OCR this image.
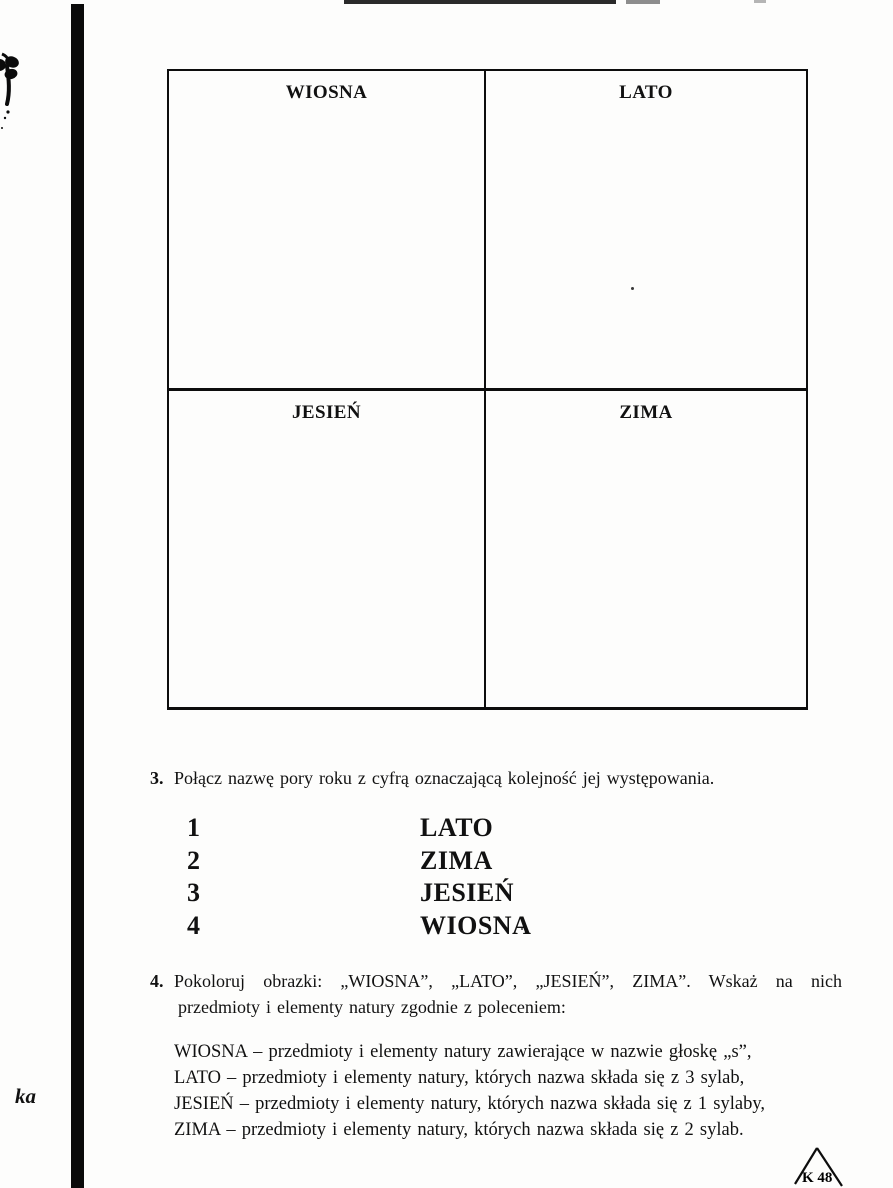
ka
WIOSNA	LATO
JESIEŃ	ZIMA
3. Połącz nazwę pory roku z cyfrą oznaczającą kolejność jej występowania.
1	LATO
2	ZIMA
3	JESIEŃ
4	WIOSNA
4. Pokoloruj obrazki: „WIOSNA”, „LATO”, „JESIEŃ”, ZIMA”. Wskaż na nich
przedmioty i elementy natury zgodnie z poleceniem:
WIOSNA – przedmioty i elementy natury zawierające w nazwie głoskę „s”,
LATO – przedmioty i elementy natury, których nazwa składa się z 3 sylab,
JESIEŃ – przedmioty i elementy natury, których nazwa składa się z 1 sylaby,
ZIMA – przedmioty i elementy natury, których nazwa składa się z 2 sylab.
K 48
